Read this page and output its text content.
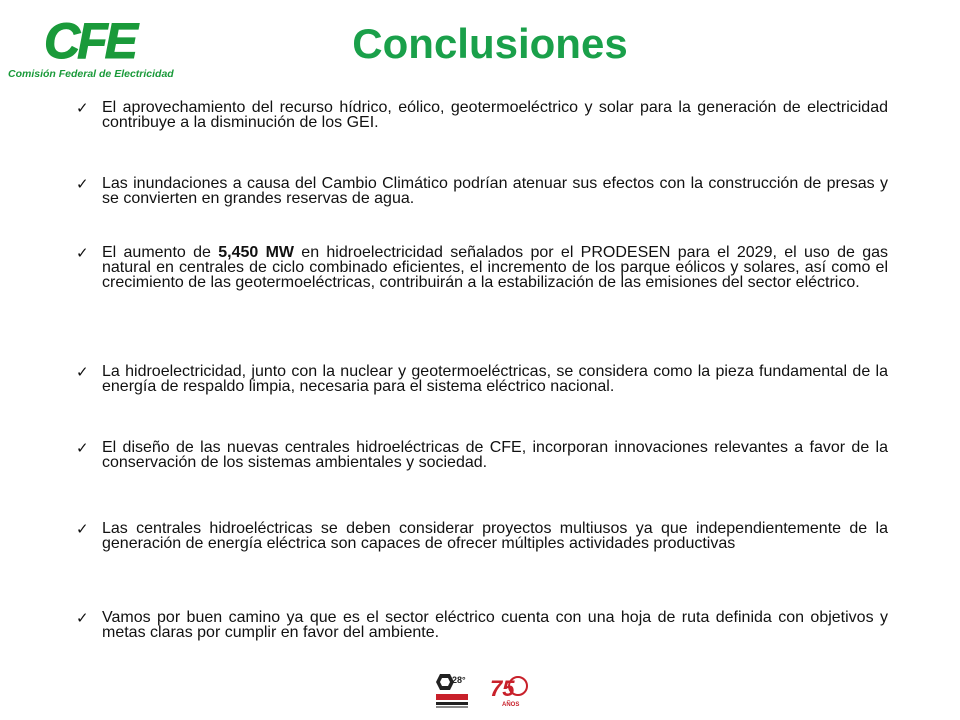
CFE
Comisión Federal de Electricidad
Conclusiones
✓ El aprovechamiento del recurso hídrico, eólico, geotermoeléctrico y solar para la generación de electricidad contribuye a la disminución de los GEI.
✓ Las inundaciones a causa del Cambio Climático podrían atenuar sus efectos con la construcción de presas y se convierten en grandes reservas de agua.
✓ El aumento de 5,450 MW en hidroelectricidad señalados por el PRODESEN para el 2029, el uso de gas natural en centrales de ciclo combinado eficientes, el incremento de los parque eólicos y solares, así como el crecimiento de las geotermoeléctricas, contribuirán a la estabilización de las emisiones del sector eléctrico.
✓ La hidroelectricidad, junto con la nuclear y geotermoeléctricas, se considera como la pieza fundamental de la energía de respaldo limpia, necesaria para el sistema eléctrico nacional.
✓ El diseño de las nuevas centrales hidroeléctricas de CFE, incorporan innovaciones relevantes a favor de la conservación de los sistemas ambientales y sociedad.
✓ Las centrales hidroeléctricas se deben considerar proyectos multiusos ya que independientemente de la generación de energía eléctrica son capaces de ofrecer múltiples actividades productivas
✓ Vamos por buen camino ya que es el sector eléctrico cuenta con una hoja de ruta definida con objetivos y metas claras por cumplir en favor del ambiente.
28° 75
AÑOS
